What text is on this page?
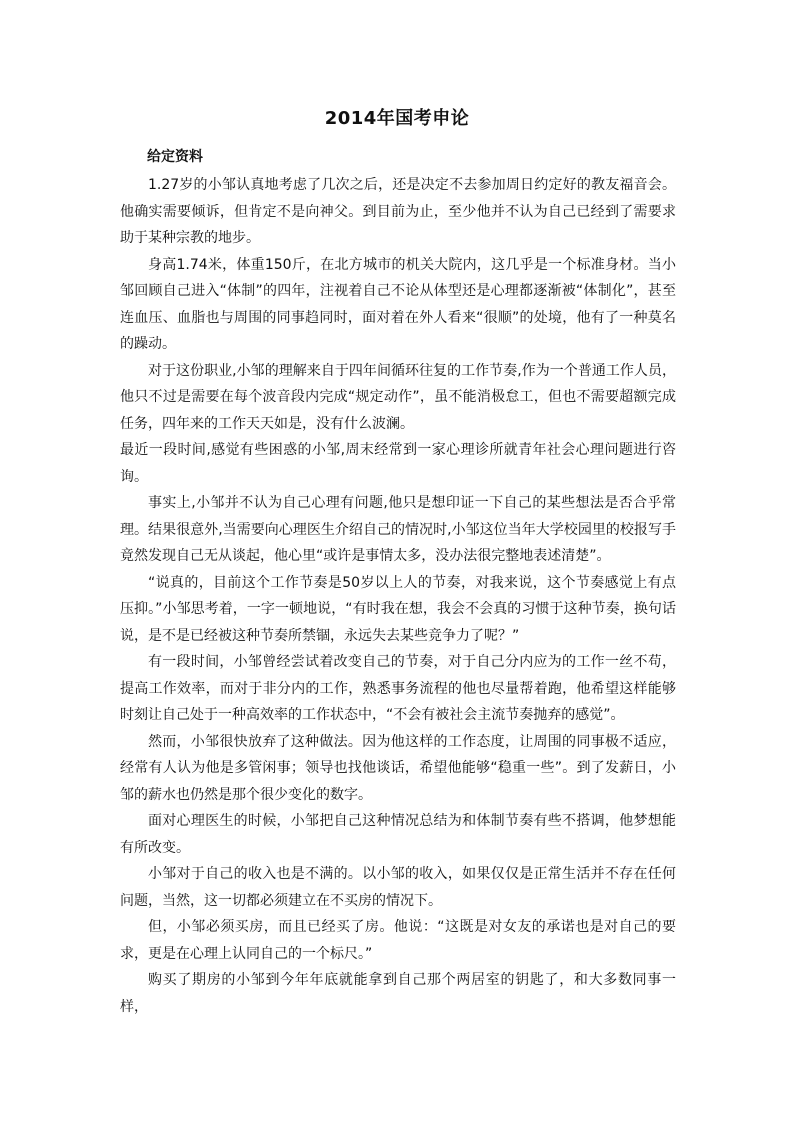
2014年国考申论
给定资料

1.27岁的小邹认真地考虑了几次之后，还是决定不去参加周日约定好的教友福音会。他确实需要倾诉，但肯定不是向神父。到目前为止，至少他并不认为自己已经到了需要求助于某种宗教的地步。

身高1.74米，体重150斤，在北方城市的机关大院内，这几乎是一个标准身材。当小邹回顾自己进入“体制”的四年，注视着自己不论从体型还是心理都逐渐被“体制化”，甚至连血压、血脂也与周围的同事趋同时，面对着在外人看来“很顺”的处境，他有了一种莫名的躁动。

对于这份职业,小邹的理解来自于四年间循环往复的工作节奏,作为一个普通工作人员，他只不过是需要在每个波音段内完成“规定动作”，虽不能消极怠工，但也不需要超额完成任务，四年来的工作天天如是，没有什么波澜。

最近一段时间,感觉有些困惑的小邹,周末经常到一家心理诊所就青年社会心理问题进行咨询。

事实上,小邹并不认为自己心理有问题,他只是想印证一下自己的某些想法是否合乎常理。结果很意外,当需要向心理医生介绍自己的情况时,小邹这位当年大学校园里的校报写手竟然发现自己无从谈起，他心里“或许是事情太多，没办法很完整地表述清楚”。

“说真的，目前这个工作节奏是50岁以上人的节奏，对我来说，这个节奏感觉上有点压抑。”小邹思考着，一字一顿地说，“有时我在想，我会不会真的习惯于这种节奏，换句话说，是不是已经被这种节奏所禁锢，永远失去某些竞争力了呢？”

有一段时间，小邹曾经尝试着改变自己的节奏，对于自己分内应为的工作一丝不苟，提高工作效率，而对于非分内的工作，熟悉事务流程的他也尽量帮着跑，他希望这样能够时刻让自己处于一种高效率的工作状态中，“不会有被社会主流节奏抛弃的感觉”。

然而，小邹很快放弃了这种做法。因为他这样的工作态度，让周围的同事极不适应，经常有人认为他是多管闲事；领导也找他谈话，希望他能够“稳重一些”。到了发薪日，小邹的薪水也仍然是那个很少变化的数字。

面对心理医生的时候，小邹把自己这种情况总结为和体制节奏有些不搭调，他梦想能有所改变。

小邹对于自己的收入也是不满的。以小邹的收入，如果仅仅是正常生活并不存在任何问题，当然，这一切都必须建立在不买房的情况下。

但，小邹必须买房，而且已经买了房。他说：“这既是对女友的承诺也是对自己的要求，更是在心理上认同自己的一个标尺。”

购买了期房的小邹到今年年底就能拿到自己那个两居室的钥匙了，和大多数同事一样，
